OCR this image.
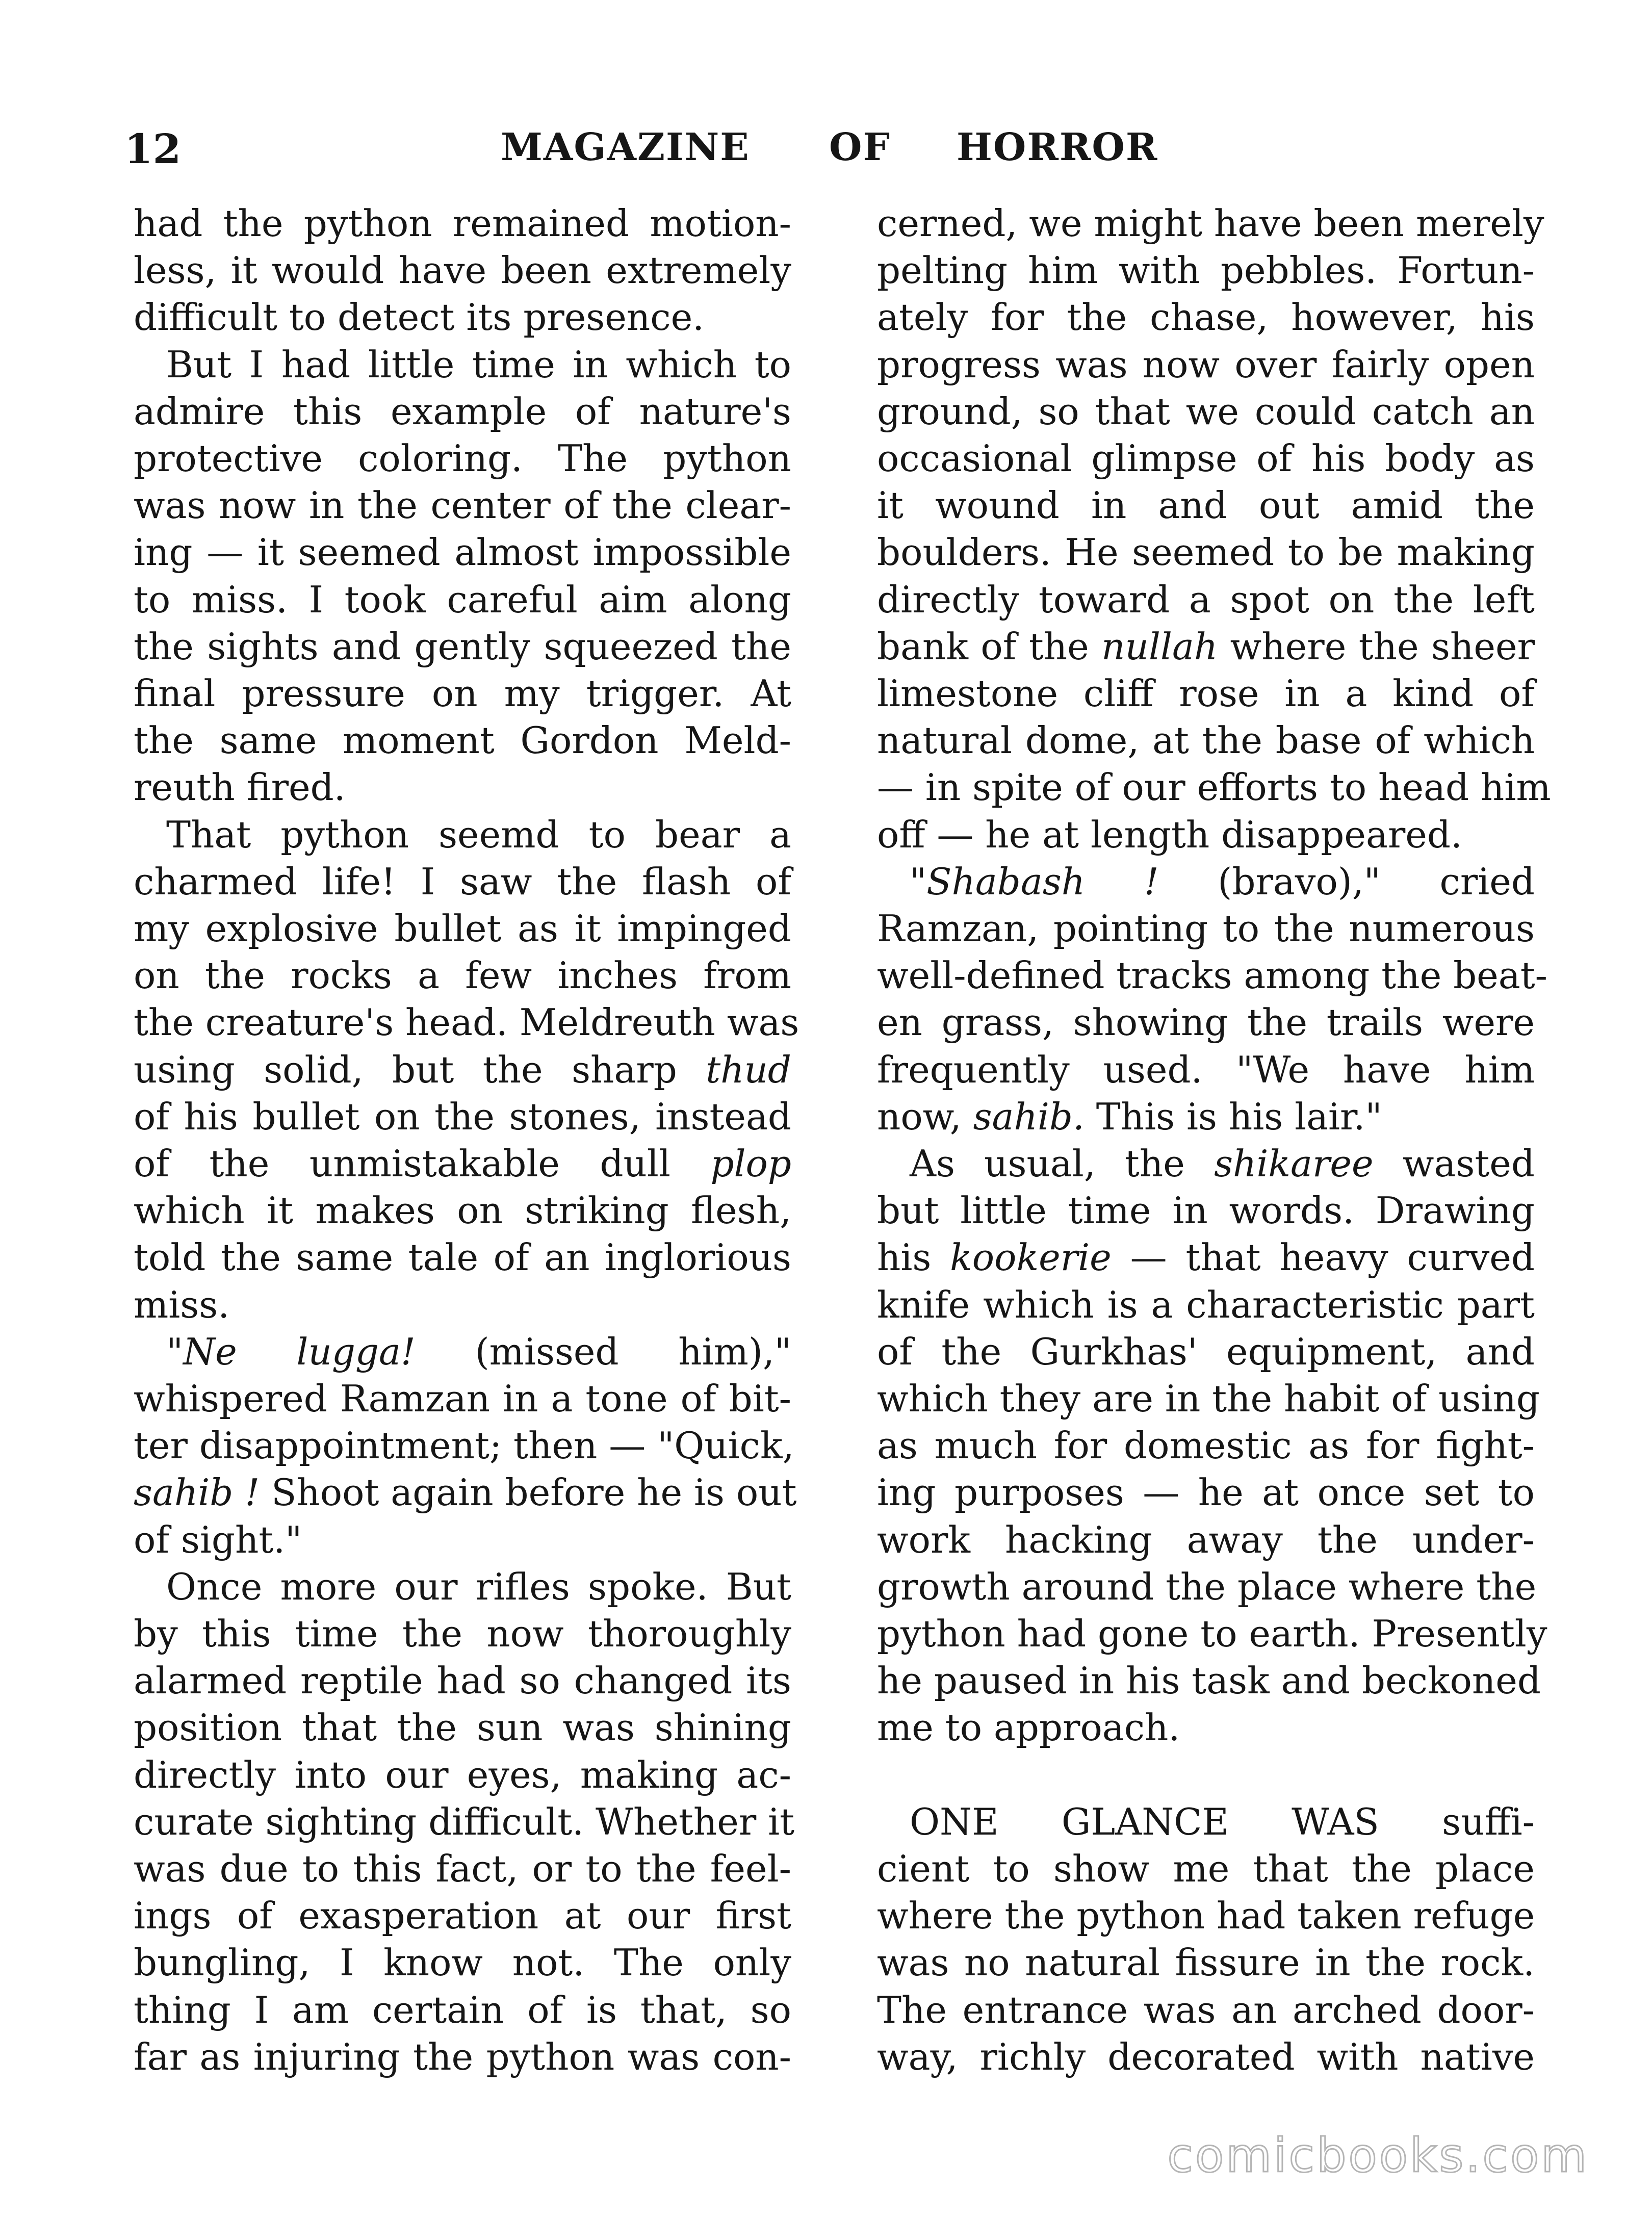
12	MAGAZINE OF HORROR
had the python remained motion-
less, it would have been extremely
difficult to detect its presence.
But I had little time in which to
admire this example of nature's
protective coloring. The python
was now in the center of the clear-
ing — it seemed almost impossible
to miss. I took careful aim along
the sights and gently squeezed the
final pressure on my trigger. At
the same moment Gordon Meld-
reuth fired.
That python seemd to bear a
charmed life! I saw the flash of
my explosive bullet as it impinged
on the rocks a few inches from
the creature's head. Meldreuth was
using solid, but the sharp thud
of his bullet on the stones, instead
of the unmistakable dull plop
which it makes on striking flesh,
told the same tale of an inglorious
miss.
"Ne lugga! (missed him),"
whispered Ramzan in a tone of bit-
ter disappointment; then — "Quick,
sahib ! Shoot again before he is out
of sight."
Once more our rifles spoke. But
by this time the now thoroughly
alarmed reptile had so changed its
position that the sun was shining
directly into our eyes, making ac-
curate sighting difficult. Whether it
was due to this fact, or to the feel-
ings of exasperation at our first
bungling, I know not. The only
thing I am certain of is that, so
far as injuring the python was con-
cerned, we might have been merely
pelting him with pebbles. Fortun-
ately for the chase, however, his
progress was now over fairly open
ground, so that we could catch an
occasional glimpse of his body as
it wound in and out amid the
boulders. He seemed to be making
directly toward a spot on the left
bank of the nullah where the sheer
limestone cliff rose in a kind of
natural dome, at the base of which
— in spite of our efforts to head him
off — he at length disappeared.
"Shabash ! (bravo)," cried
Ramzan, pointing to the numerous
well-defined tracks among the beat-
en grass, showing the trails were
frequently used. "We have him
now, sahib. This is his lair."
As usual, the shikaree wasted
but little time in words. Drawing
his kookerie — that heavy curved
knife which is a characteristic part
of the Gurkhas' equipment, and
which they are in the habit of using
as much for domestic as for fight-
ing purposes — he at once set to
work hacking away the under-
growth around the place where the
python had gone to earth. Presently
he paused in his task and beckoned
me to approach.
ONE GLANCE WAS suffi-
cient to show me that the place
where the python had taken refuge
was no natural fissure in the rock.
The entrance was an arched door-
way, richly decorated with native
comicbooks.com
